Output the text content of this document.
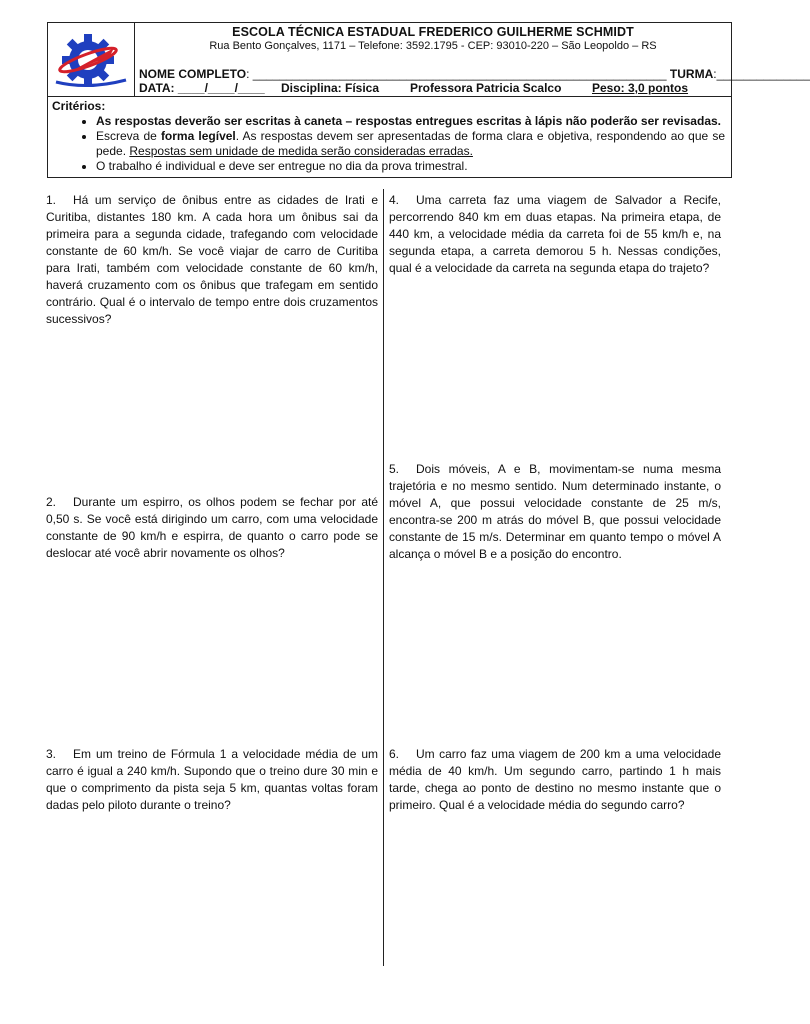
ESCOLA TÉCNICA ESTADUAL FREDERICO GUILHERME SCHMIDT
Rua Bento Gonçalves, 1171 – Telefone: 3592.1795 - CEP: 93010-220 – São Leopoldo – RS
NOME COMPLETO: ______________________________________________________________ TURMA:______________
DATA: ____/____/____ Disciplina: Física	Professora Patricia Scalco	Peso: 3,0 pontos
Critérios:
• As respostas deverão ser escritas à caneta – respostas entregues escritas à lápis não poderão ser revisadas.
• Escreva de forma legível. As respostas devem ser apresentadas de forma clara e objetiva, respondendo ao que se pede. Respostas sem unidade de medida serão consideradas erradas.
• O trabalho é individual e deve ser entregue no dia da prova trimestral.
1. Há um serviço de ônibus entre as cidades de Irati e Curitiba, distantes 180 km. A cada hora um ônibus sai da primeira para a segunda cidade, trafegando com velocidade constante de 60 km/h. Se você viajar de carro de Curitiba para Irati, também com velocidade constante de 60 km/h, haverá cruzamento com os ônibus que trafegam em sentido contrário. Qual é o intervalo de tempo entre dois cruzamentos sucessivos?
2. Durante um espirro, os olhos podem se fechar por até 0,50 s. Se você está dirigindo um carro, com uma velocidade constante de 90 km/h e espirra, de quanto o carro pode se deslocar até você abrir novamente os olhos?
3. Em um treino de Fórmula 1 a velocidade média de um carro é igual a 240 km/h. Supondo que o treino dure 30 min e que o comprimento da pista seja 5 km, quantas voltas foram dadas pelo piloto durante o treino?
4. Uma carreta faz uma viagem de Salvador a Recife, percorrendo 840 km em duas etapas. Na primeira etapa, de 440 km, a velocidade média da carreta foi de 55 km/h e, na segunda etapa, a carreta demorou 5 h. Nessas condições, qual é a velocidade da carreta na segunda etapa do trajeto?
5. Dois móveis, A e B, movimentam-se numa mesma trajetória e no mesmo sentido. Num determinado instante, o móvel A, que possui velocidade constante de 25 m/s, encontra-se 200 m atrás do móvel B, que possui velocidade constante de 15 m/s. Determinar em quanto tempo o móvel A alcança o móvel B e a posição do encontro.
6. Um carro faz uma viagem de 200 km a uma velocidade média de 40 km/h. Um segundo carro, partindo 1 h mais tarde, chega ao ponto de destino no mesmo instante que o primeiro. Qual é a velocidade média do segundo carro?
